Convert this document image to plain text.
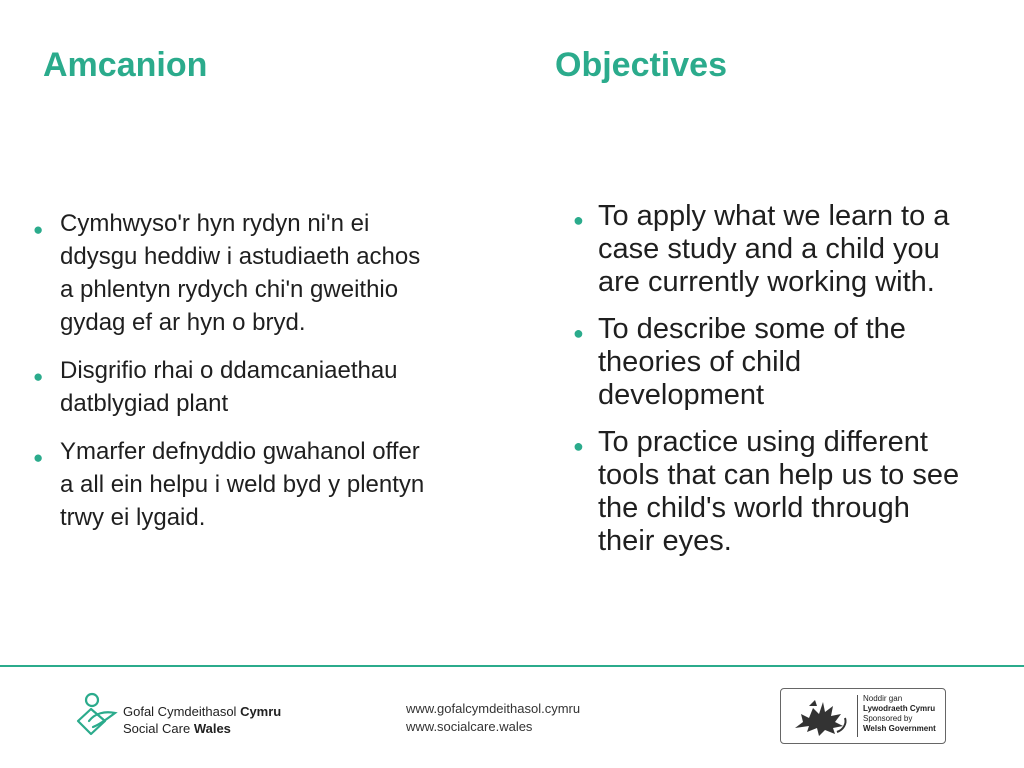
Amcanion	Objectives
● Cymhwyso'r hyn rydyn ni'n ei ddysgu heddiw i astudiaeth achos a phlentyn rydych chi'n gweithio gydag ef ar hyn o bryd.
● Disgrifio rhai o ddamcaniaethau datblygiad plant
● Ymarfer defnyddio gwahanol offer a all ein helpu i weld byd y plentyn trwy ei lygaid.
● To apply what we learn to a case study and a child you are currently working with.
● To describe some of the theories of child development
● To practice using different tools that can help us to see the child's world through their eyes.
Gofal Cymdeithasol Cymru
Social Care Wales
www.gofalcymdeithasol.cymru
www.socialcare.wales
Noddir gan
Lywodraeth Cymru
Sponsored by
Welsh Government
